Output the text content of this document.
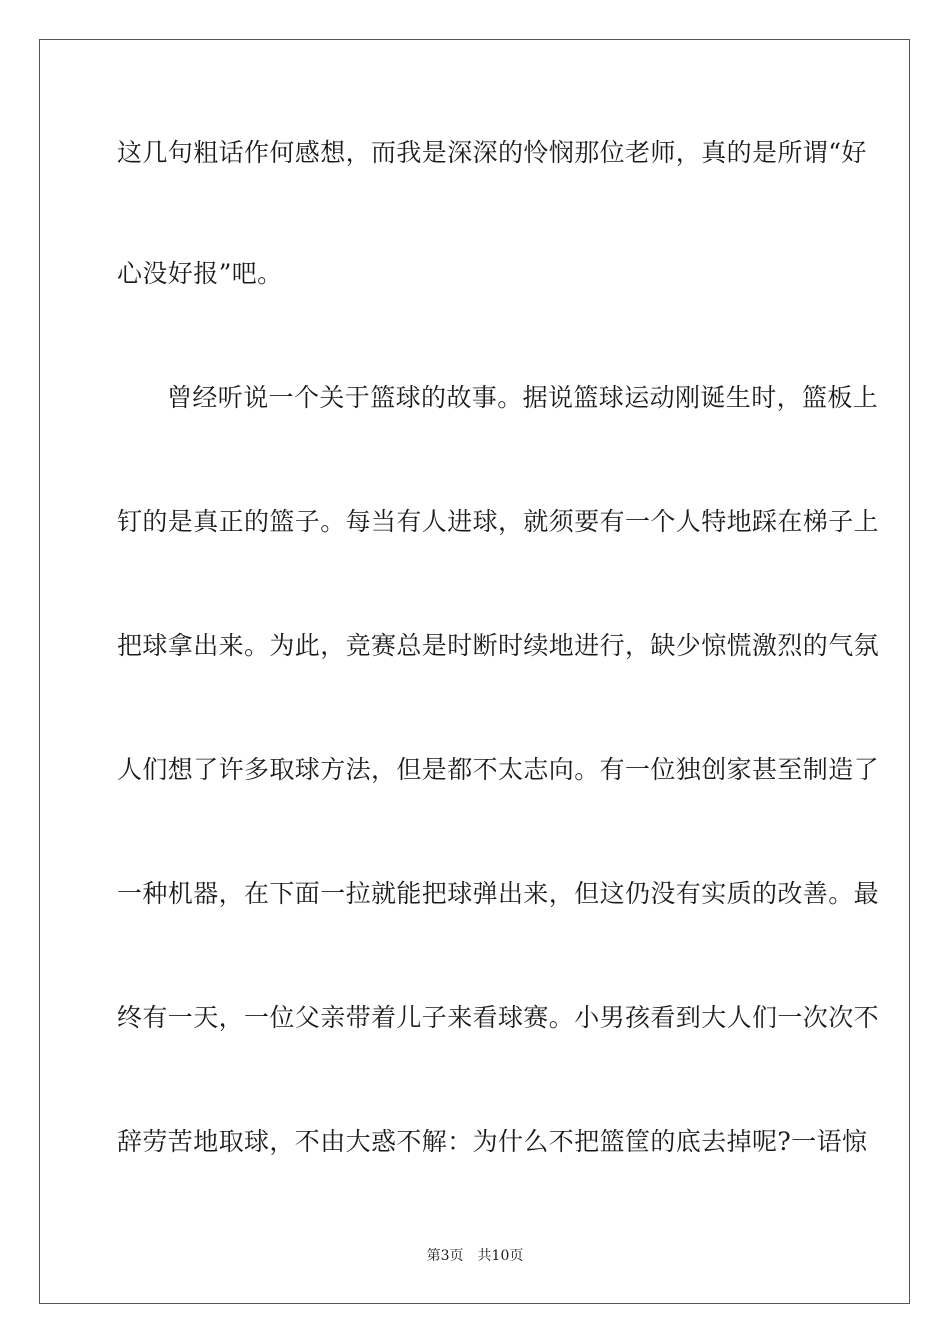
这几句粗话作何感想，而我是深深的怜悯那位老师，真的是所谓“好
心没好报”吧。
曾经听说一个关于篮球的故事。据说篮球运动刚诞生时，篮板上
钉的是真正的篮子。每当有人进球，就须要有一个人特地踩在梯子上
把球拿出来。为此，竞赛总是时断时续地进行，缺少惊慌激烈的气氛
人们想了许多取球方法，但是都不太志向。有一位独创家甚至制造了
一种机器，在下面一拉就能把球弹出来，但这仍没有实质的改善。最
终有一天，一位父亲带着儿子来看球赛。小男孩看到大人们一次次不
辞劳苦地取球，不由大惑不解：为什么不把篮筐的底去掉呢?一语惊
第3页　共10页
